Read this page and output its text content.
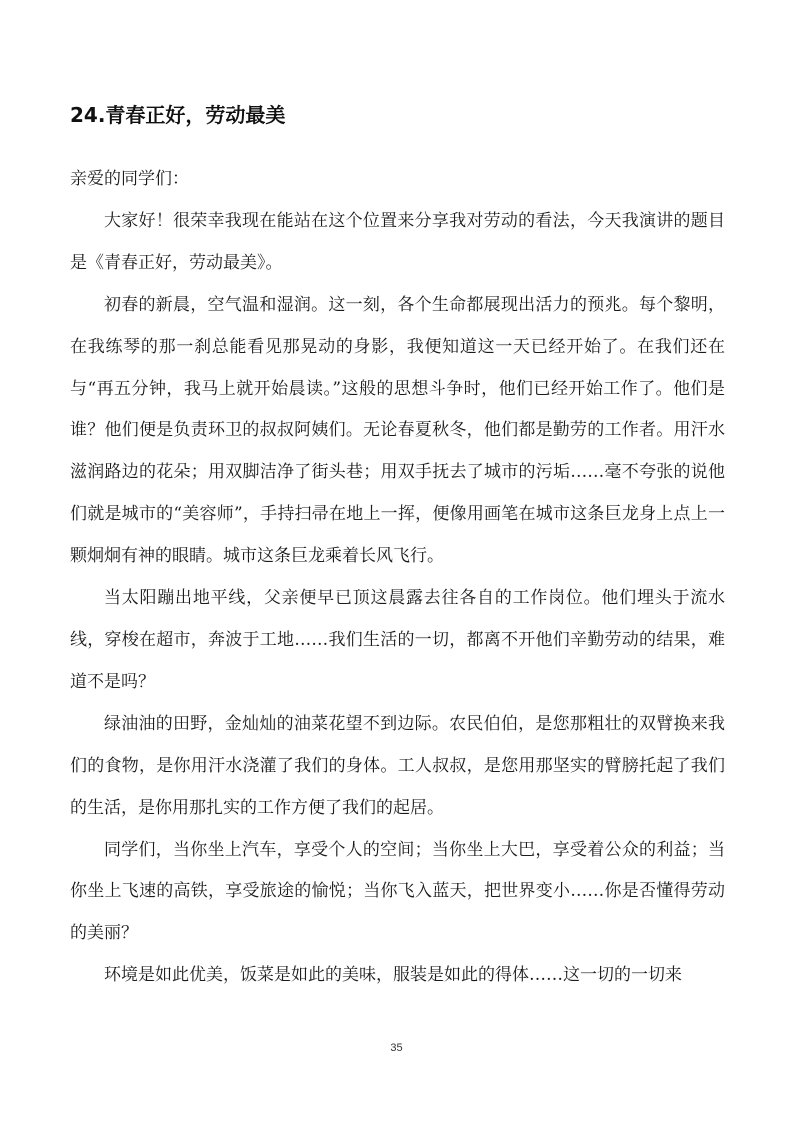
24.青春正好，劳动最美

亲爱的同学们：

大家好！很荣幸我现在能站在这个位置来分享我对劳动的看法，今天我演讲的题目是《青春正好，劳动最美》。

初春的新晨，空气温和湿润。这一刻，各个生命都展现出活力的预兆。每个黎明，在我练琴的那一刹总能看见那晃动的身影，我便知道这一天已经开始了。在我们还在与“再五分钟，我马上就开始晨读。”这般的思想斗争时，他们已经开始工作了。他们是谁？他们便是负责环卫的叔叔阿姨们。无论春夏秋冬，他们都是勤劳的工作者。用汗水滋润路边的花朵；用双脚洁净了街头巷；用双手抚去了城市的污垢……毫不夸张的说他们就是城市的“美容师”，手持扫帚在地上一挥，便像用画笔在城市这条巨龙身上点上一颗炯炯有神的眼睛。城市这条巨龙乘着长风飞行。

当太阳蹦出地平线，父亲便早已顶这晨露去往各自的工作岗位。他们埋头于流水线，穿梭在超市，奔波于工地……我们生活的一切，都离不开他们辛勤劳动的结果，难道不是吗？

绿油油的田野，金灿灿的油菜花望不到边际。农民伯伯，是您那粗壮的双臂换来我们的食物，是你用汗水浇灌了我们的身体。工人叔叔，是您用那坚实的臂膀托起了我们的生活，是你用那扎实的工作方便了我们的起居。

同学们，当你坐上汽车，享受个人的空间；当你坐上大巴，享受着公众的利益；当你坐上飞速的高铁，享受旅途的愉悦；当你飞入蓝天，把世界变小……你是否懂得劳动的美丽？

环境是如此优美，饭菜是如此的美味，服装是如此的得体……这一切的一切来

35
